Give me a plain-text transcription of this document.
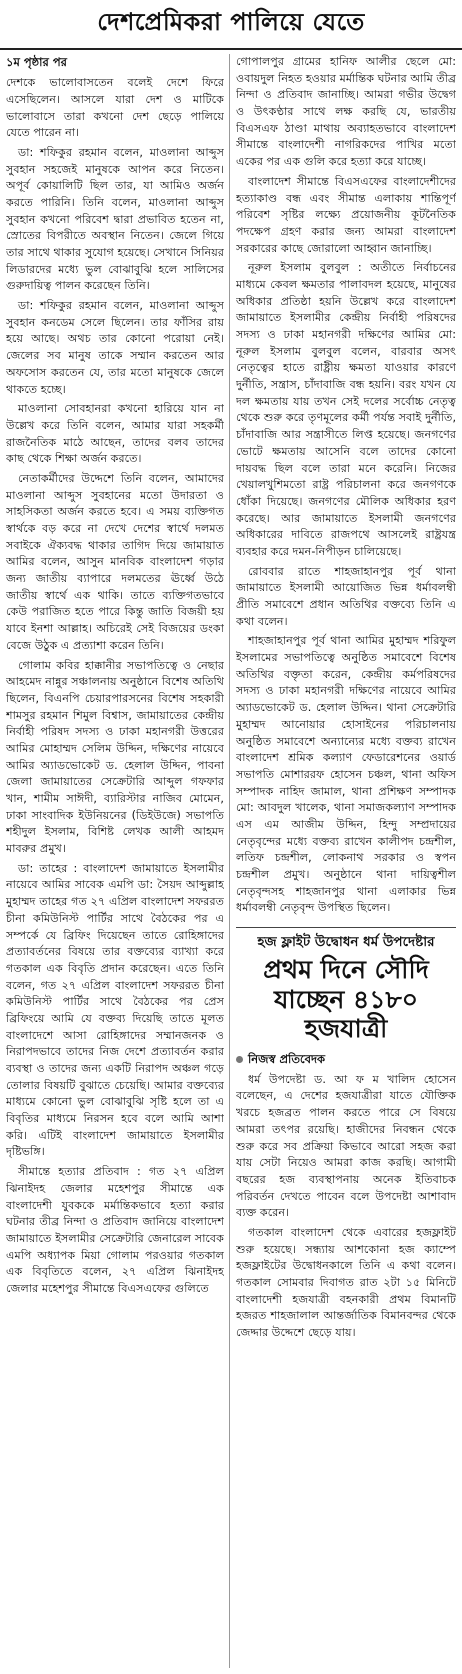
দেশপ্রেমিকরা পালিয়ে যেতে
১ম পৃষ্ঠার পর

দেশকে ভালোবাসতেন বলেই দেশে ফিরে এসেছিলেন। আসলে যারা দেশ ও মাটিকে ভালোবাসে তারা কখনো দেশ ছেড়ে পালিয়ে যেতে পারেন না।

ডা: শফিকুর রহমান বলেন, মাওলানা আব্দুস সুবহান সহজেই মানুষকে আপন করে নিতেন। অপূর্ব কোয়ালিটি ছিল তার, যা আমিও অর্জন করতে পারিনি। তিনি বলেন, মাওলানা আব্দুস সুবহান কখনো পরিবেশ দ্বারা প্রভাবিত হতেন না, স্রোতের বিপরীতে অবস্থান নিতেন। জেলে গিয়ে তার সাথে থাকার সুযোগ হয়েছে। সেখানে সিনিয়র লিডারদের মধ্যে ভুল বোঝাবুঝি হলে সালিসের গুরুদায়িত্ব পালন করেছেন তিনি।

ডা: শফিকুর রহমান বলেন, মাওলানা আব্দুস সুবহান কনডেম সেলে ছিলেন। তার ফাঁসির রায় হয়ে আছে। অথচ তার কোনো পরোয়া নেই। জেলের সব মানুষ তাকে সম্মান করতেন আর অফসোস করতেন যে, তার মতো মানুষকে জেলে থাকতে হচ্ছে।

মাওলানা সোবহানরা কখনো হারিয়ে যান না উল্লেখ করে তিনি বলেন, আমার যারা সহকর্মী রাজনৈতিক মাঠে আছেন, তাদের বলব তাদের কাছ থেকে শিক্ষা অর্জন করতে।

নেতাকর্মীদের উদ্দেশে তিনি বলেন, আমাদের মাওলানা আব্দুস সুবহানের মতো উদারতা ও সাহসিকতা অর্জন করতে হবে। এ সময় ব্যক্তিগত স্বার্থকে বড় করে না দেখে দেশের স্বার্থে দলমত সবাইকে ঐক্যবদ্ধ থাকার তাগিদ দিয়ে জামায়াত আমির বলেন, আসুন মানবিক বাংলাদেশ গড়ার জন্য জাতীয় ব্যাপারে দলমতের ঊর্ধ্বে উঠে জাতীয় স্বার্থে এক থাকি। তাতে ব্যক্তিগতভাবে কেউ পরাজিত হতে পারে কিন্তু জাতি বিজয়ী হয় যাবে ইনশা আল্লাহ। অচিরেই সেই বিজয়ের ডংকা বেজে উঠুক এ প্রত্যাশা করেন তিনি।

গোলাম কবির হাক্কানীর সভাপতিত্বে ও নেছার আহমেদ নান্নুর সঞ্চালনায় অনুষ্ঠানে বিশেষ অতিথি ছিলেন, বিএনপি চেয়ারপারসনের বিশেষ সহকারী শামসুর রহমান শিমুল বিশ্বাস, জামায়াতের কেন্দ্রীয় নির্বাহী পরিষদ সদস্য ও ঢাকা মহানগরী উত্তরের আমির মোহাম্মদ সেলিম উদ্দিন, দক্ষিণের নায়েবে আমির অ্যাডভোকেট ড. হেলাল উদ্দিন, পাবনা জেলা জামায়াতের সেক্রেটারি আব্দুল গফফার খান, শামীম সাঈদী, ব্যারিস্টার নাজিব মোমেন, ঢাকা সাংবাদিক ইউনিয়নের (ডিইউজে) সভাপতি শহীদুল ইসলাম, বিশিষ্ট লেখক আলী আহমদ মাবরুর প্রমুখ।

ডা: তাহের : বাংলাদেশ জামায়াতে ইসলামীর নায়েবে আমির সাবেক এমপি ডা: সৈয়দ আব্দুল্লাহ মুহাম্মদ তাহের গত ২৭ এপ্রিল বাংলাদেশ সফররত চীনা কমিউনিস্ট পার্টির সাথে বৈঠকের পর এ সম্পর্কে যে ব্রিফিং দিয়েছেন তাতে রোহিঙ্গাদের প্রত্যাবর্তনের বিষয়ে তার বক্তব্যের ব্যাখ্যা করে গতকাল এক বিবৃতি প্রদান করেছেন। এতে তিনি বলেন, গত ২৭ এপ্রিল বাংলাদেশ সফররত চীনা কমিউনিস্ট পার্টির সাথে বৈঠকের পর প্রেস ব্রিফিংয়ে আমি যে বক্তব্য দিয়েছি তাতে মূলত বাংলাদেশে আসা রোহিঙ্গাদের সম্মানজনক ও নিরাপদভাবে তাদের নিজ দেশে প্রত্যাবর্তন করার ব্যবস্থা ও তাদের জন্য একটি নিরাপদ অঞ্চল গড়ে তোলার বিষয়টি বুঝাতে চেয়েছি। আমার বক্তব্যের মাধ্যমে কোনো ভুল বোঝাবুঝি সৃষ্টি হলে তা এ বিবৃতির মাধ্যমে নিরসন হবে বলে আমি আশা করি। এটিই বাংলাদেশ জামায়াতে ইসলামীর দৃষ্টিভঙ্গি।

সীমান্তে হত্যার প্রতিবাদ : গত ২৭ এপ্রিল ঝিনাইদহ জেলার মহেশপুর সীমান্তে এক বাংলাদেশী যুবককে মর্মান্তিকভাবে হত্যা করার ঘটনার তীব্র নিন্দা ও প্রতিবাদ জানিয়ে বাংলাদেশ জামায়াতে ইসলামীর সেক্রেটারি জেনারেল সাবেক এমপি অধ্যাপক মিয়া গোলাম পরওয়ার গতকাল এক বিবৃতিতে বলেন, ২৭ এপ্রিল ঝিনাইদহ জেলার মহেশপুর সীমান্তে বিএসএফের গুলিতে

গোপালপুর গ্রামের হানিফ আলীর ছেলে মো: ওবায়দুল নিহত হওয়ার মর্মান্তিক ঘটনার আমি তীব্র নিন্দা ও প্রতিবাদ জানাচ্ছি। আমরা গভীর উদ্বেগ ও উৎকণ্ঠার সাথে লক্ষ করছি যে, ভারতীয় বিএসএফ ঠাণ্ডা মাথায় অব্যাহতভাবে বাংলাদেশ সীমান্তে বাংলাদেশী নাগরিকদের পাখির মতো একের পর এক গুলি করে হত্যা করে যাচ্ছে।

বাংলাদেশ সীমান্তে বিএসএফের বাংলাদেশীদের হত্যাকাণ্ড বন্ধ এবং সীমান্ত এলাকায় শান্তিপূর্ণ পরিবেশ সৃষ্টির লক্ষ্যে প্রয়োজনীয় কূটনৈতিক পদক্ষেপ গ্রহণ করার জন্য আমরা বাংলাদেশ সরকারের কাছে জোরালো আহ্বান জানাচ্ছি।

নূরুল ইসলাম বুলবুল : অতীতে নির্বাচনের মাধ্যমে কেবল ক্ষমতার পালাবদল হয়েছে, মানুষের অধিকার প্রতিষ্ঠা হয়নি উল্লেখ করে বাংলাদেশ জামায়াতে ইসলামীর কেন্দ্রীয় নির্বাহী পরিষদের সদস্য ও ঢাকা মহানগরী দক্ষিণের আমির মো: নূরুল ইসলাম বুলবুল বলেন, বারবার অসৎ নেতৃত্বের হাতে রাষ্ট্রীয় ক্ষমতা যাওয়ার কারণে দুর্নীতি, সন্ত্রাস, চাঁদাবাজি বন্ধ হয়নি। বরং যখন যে দল ক্ষমতায় যায় তখন সেই দলের সর্বোচ্চ নেতৃত্ব থেকে শুরু করে তৃণমূলের কর্মী পর্যন্ত সবাই দুর্নীতি, চাঁদাবাজি আর সন্ত্রাসীতে লিপ্ত হয়েছে। জনগণের ভোটে ক্ষমতায় আসেনি বলে তাদের কোনো দায়বদ্ধ ছিল বলে তারা মনে করেনি। নিজের খেয়ালখুশিমতো রাষ্ট্র পরিচালনা করে জনগণকে ধোঁকা দিয়েছে। জনগণের মৌলিক অধিকার হরণ করেছে। আর জামায়াতে ইসলামী জনগণের অধিকারের দাবিতে রাজপথে আসলেই রাষ্ট্রযন্ত্র ব্যবহার করে দমন-নিপীড়ন চালিয়েছে।

রোববার রাতে শাহজাহানপুর পূর্ব থানা জামায়াতে ইসলামী আয়োজিত ভিন্ন ধর্মাবলম্বী প্রীতি সমাবেশে প্রধান অতিথির বক্তব্যে তিনি এ কথা বলেন।

শাহজাহানপুর পূর্ব থানা আমির মুহাম্মদ শরিফুল ইসলামের সভাপতিত্বে অনুষ্ঠিত সমাবেশে বিশেষ অতিথির বক্তৃতা করেন, কেন্দ্রীয় কর্মপরিষদের সদস্য ও ঢাকা মহানগরী দক্ষিণের নায়েবে আমির অ্যাডভোকেট ড. হেলাল উদ্দিন। থানা সেক্রেটারি মুহাম্মদ আনোয়ার হোসাইনের পরিচালনায় অনুষ্ঠিত সমাবেশে অন্যান্যের মধ্যে বক্তব্য রাখেন বাংলাদেশ শ্রমিক কল্যাণ ফেডারেশনের ওয়ার্ড সভাপতি মোশাররফ হোসেন চঞ্চল, থানা অফিস সম্পাদক নাহিদ জামাল, থানা প্রশিক্ষণ সম্পাদক মো: আবদুল খালেক, থানা সমাজকল্যাণ সম্পাদক এস এম আজীম উদ্দিন, হিন্দু সম্প্রদায়ের নেতৃবৃন্দের মধ্যে বক্তব্য রাখেন কালীপদ চন্দ্রশীল, লতিফ চন্দ্রশীল, লোকনাথ সরকার ও স্বপন চন্দ্রশীল প্রমুখ। অনুষ্ঠানে থানা দায়িত্বশীল নেতৃবৃন্দসহ শাহজানপুর থানা এলাকার ভিন্ন ধর্মাবলম্বী নেতৃবৃন্দ উপস্থিত ছিলেন।

হজ ফ্লাইট উদ্বোধন ধর্ম উপদেষ্টার
প্রথম দিনে সৌদি যাচ্ছেন ৪১৮০ হজযাত্রী
নিজস্ব প্রতিবেদক

ধর্ম উপদেষ্টা ড. আ ফ ম খালিদ হোসেন বলেছেন, এ দেশের হজযাত্রীরা যাতে যৌক্তিক খরচে হজব্রত পালন করতে পারে সে বিষয়ে আমরা তৎপর রয়েছি। হাজীদের নিবন্ধন থেকে শুরু করে সব প্রক্রিয়া কিভাবে আরো সহজ করা যায় সেটা নিয়েও আমরা কাজ করছি। আগামী বছরের হজ ব্যবস্থাপনায় অনেক ইতিবাচক পরিবর্তন দেখতে পাবেন বলে উপদেষ্টা আশাবাদ ব্যক্ত করেন।

গতকাল বাংলাদেশ থেকে এবারের হজফ্লাইট শুরু হয়েছে। সন্ধ্যায় আশকোনা হজ ক্যাম্পে হজফ্লাইটের উদ্বোধনকালে তিনি এ কথা বলেন। গতকাল সোমবার দিবাগত রাত ২টা ১৫ মিনিটে বাংলাদেশী হজযাত্রী বহনকারী প্রথম বিমানটি হজরত শাহজালাল আন্তর্জাতিক বিমানবন্দর থেকে জেদ্দার উদ্দেশে ছেড়ে যায়।
